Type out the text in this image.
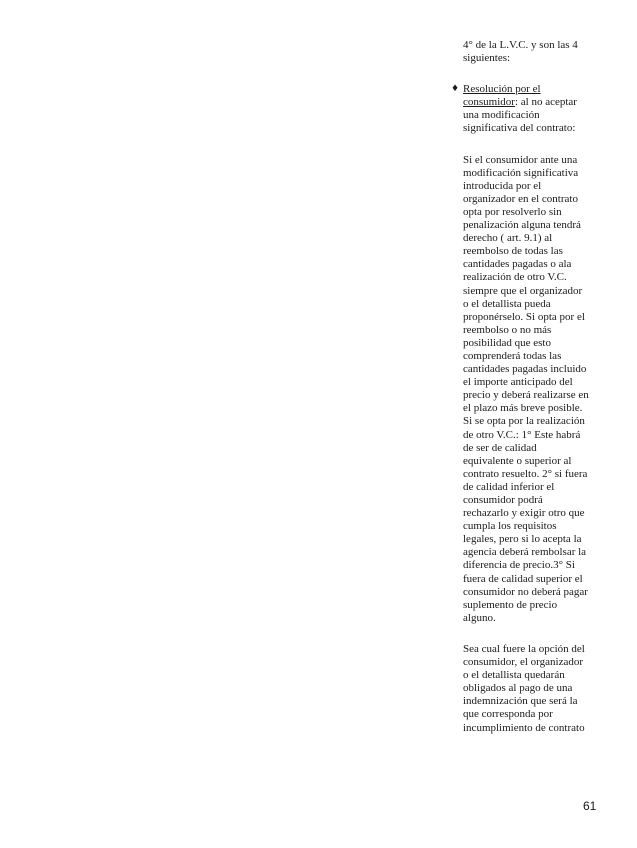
4° de la L.V.C. y son las 4
siguientes:

♦ Resolución por el
consumidor: al no aceptar
una modificación
significativa del contrato:

Si el consumidor ante una
modificación significativa
introducida por el
organizador en el contrato
opta por resolverlo sin
penalización alguna tendrá
derecho ( art. 9.1) al
reembolso de todas las
cantidades pagadas o ala
realización de otro V.C.
siempre que el organizador
o el detallista pueda
proponérselo. Si opta por el
reembolso o no más
posibilidad que esto
comprenderá todas las
cantidades pagadas incluido
el importe anticipado del
precio y deberá realizarse en
el plazo más breve posible.
Si se opta por la realización
de otro V.C.: 1° Este habrá
de ser de calidad
equivalente o superior al
contrato resuelto. 2° si fuera
de calidad inferior el
consumidor podrá
rechazarlo y exigir otro que
cumpla los requisitos
legales, pero si lo acepta la
agencia deberá rembolsar la
diferencia de precio.3° Si
fuera de calidad superior el
consumidor no deberá pagar
suplemento de precio
alguno.

Sea cual fuere la opción del
consumidor, el organizador
o el detallista quedarán
obligados al pago de una
indemnización que será la
que corresponda por
incumplimiento de contrato

61
